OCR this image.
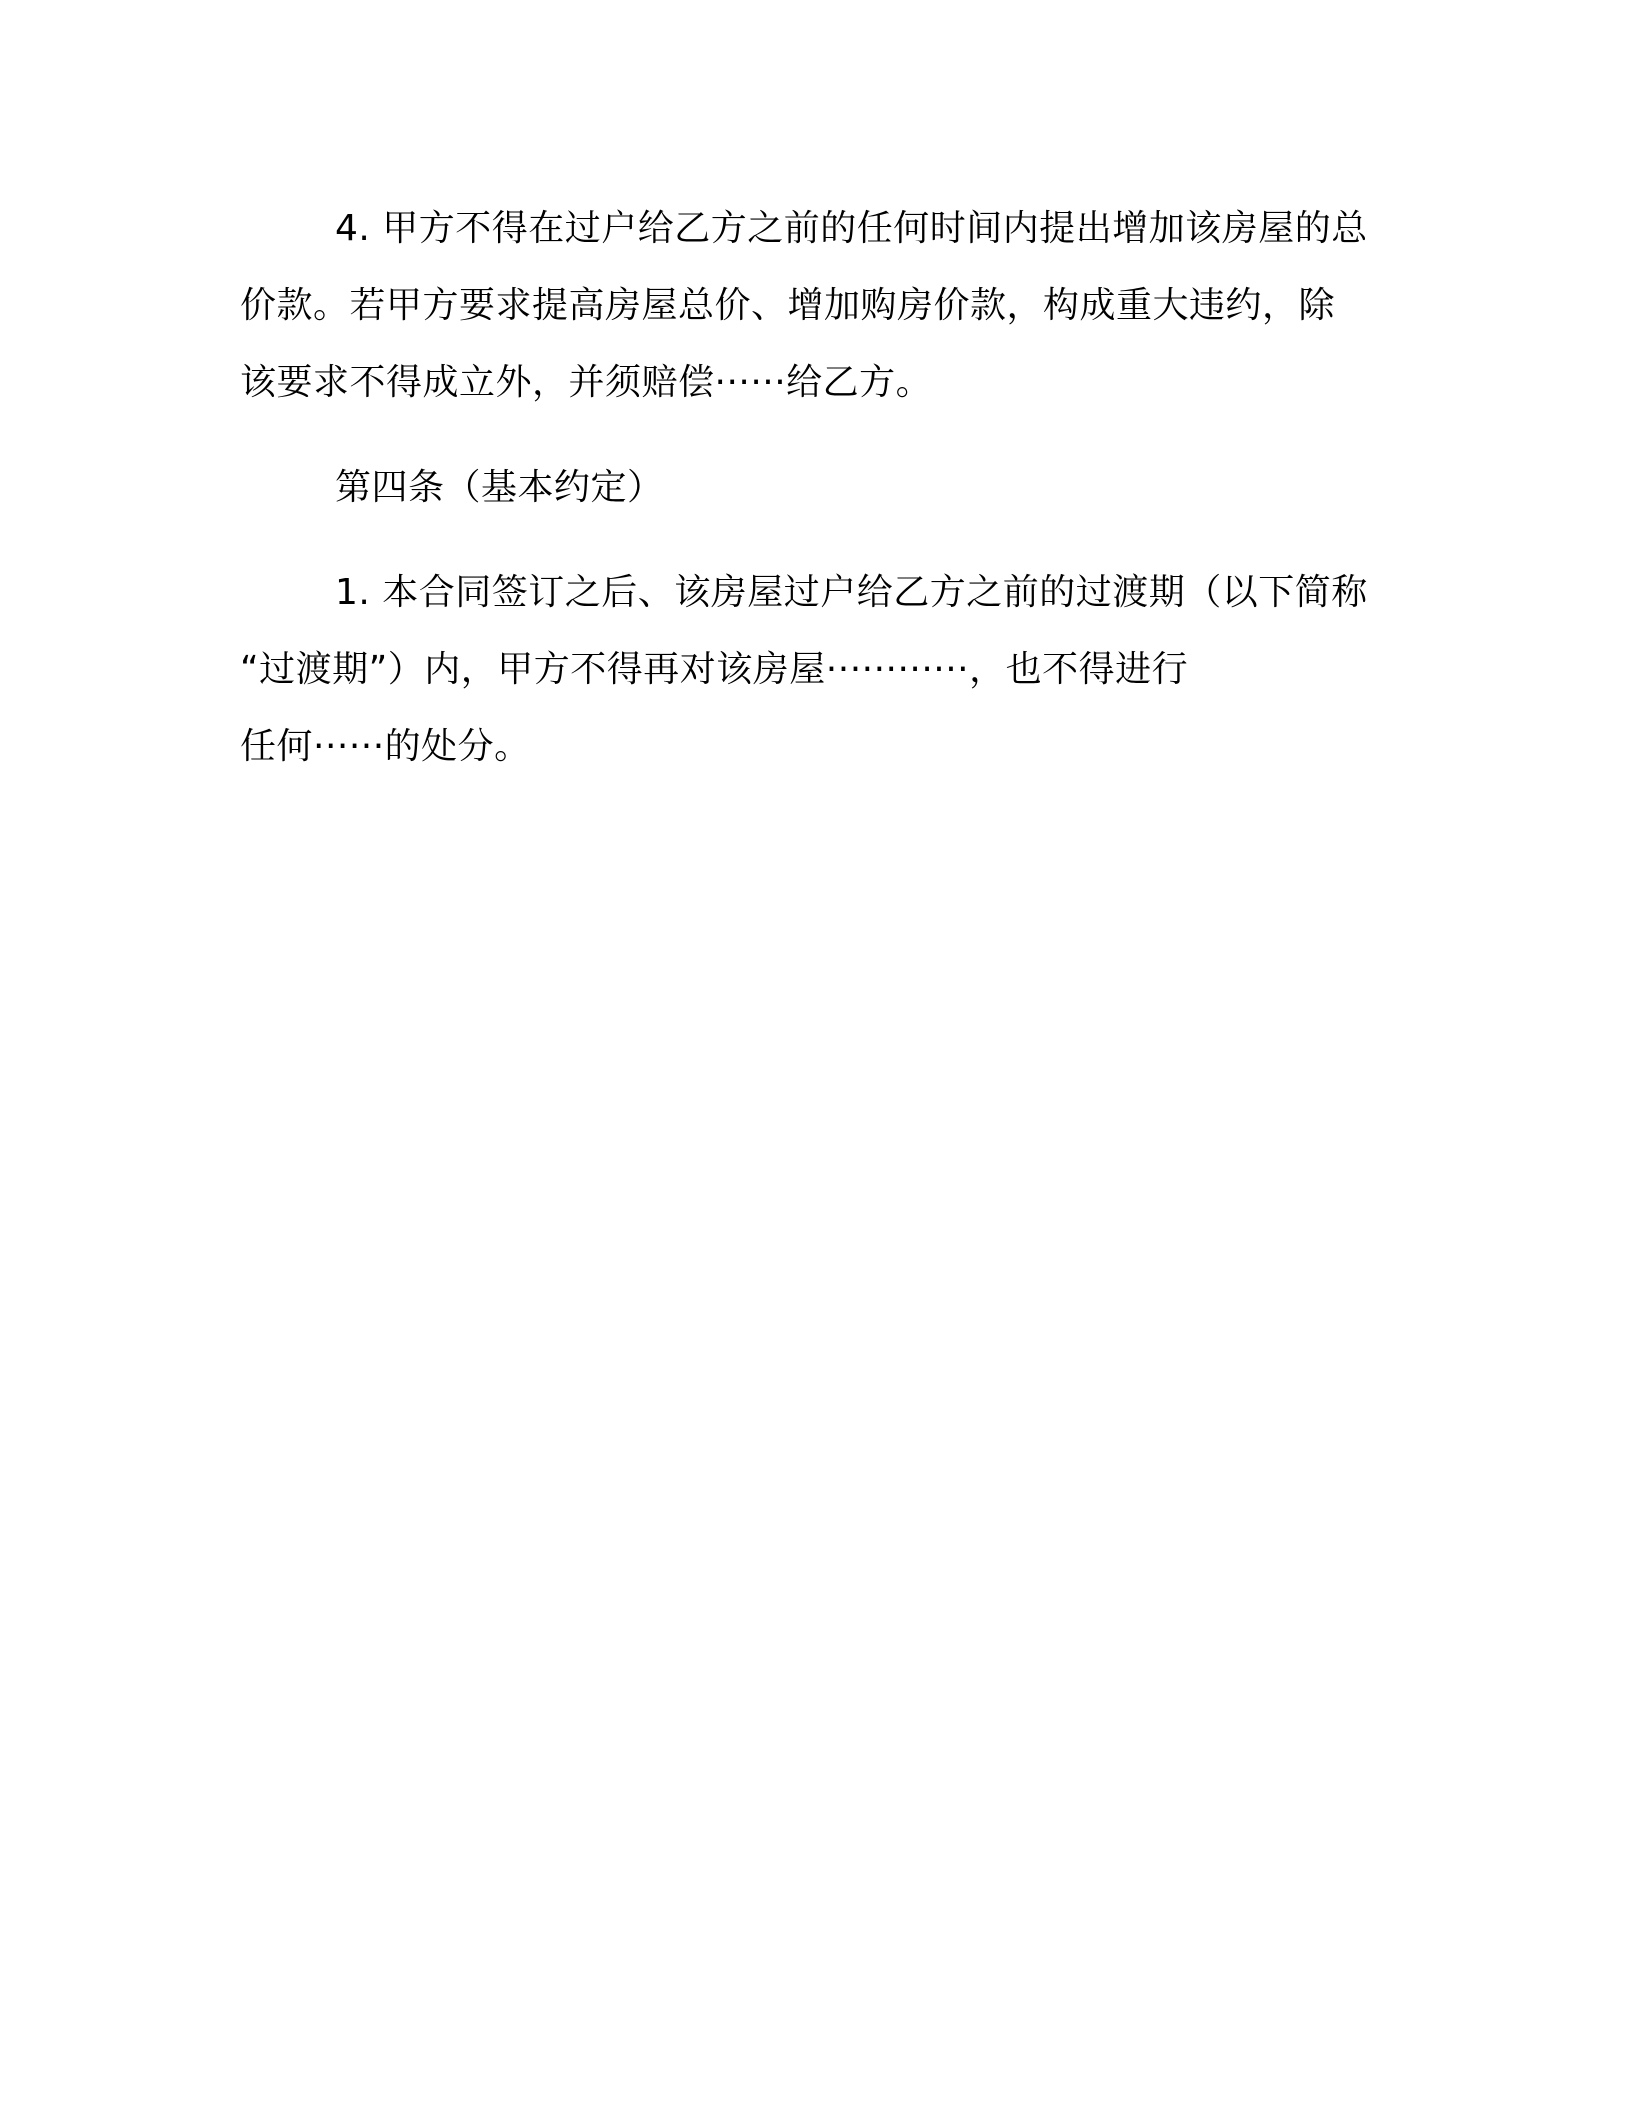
4. 甲方不得在过户给乙方之前的任何时间内提出增加该房屋的总
价款。若甲方要求提高房屋总价、增加购房价款，构成重大违约，除
该要求不得成立外，并须赔偿······给乙方。

第四条（基本约定）

1. 本合同签订之后、该房屋过户给乙方之前的过渡期（以下简称
“过渡期”）内，甲方不得再对该房屋············，也不得进行
任何······的处分。
